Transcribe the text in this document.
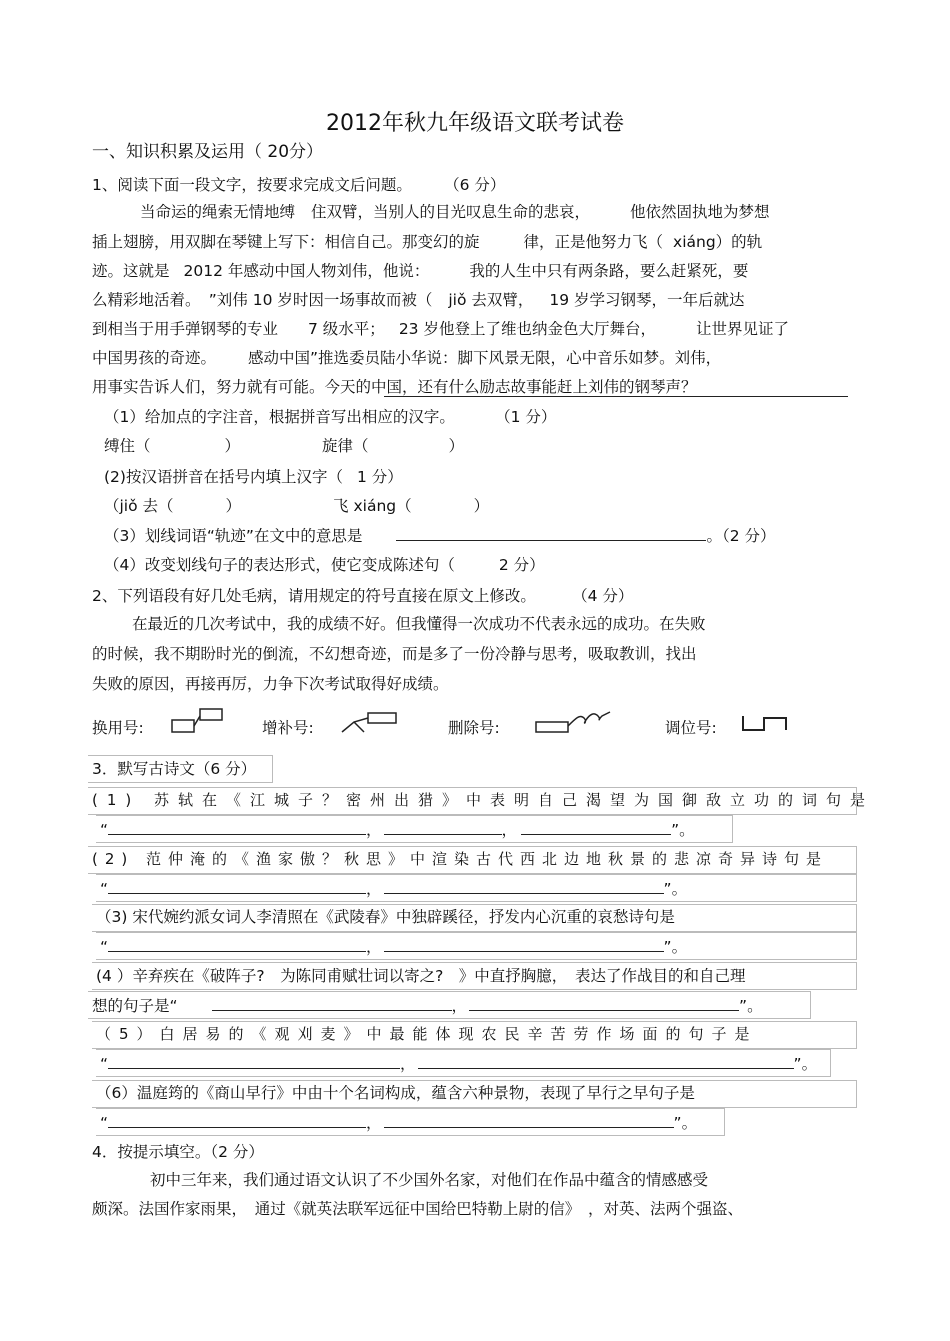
2012年秋九年级语文联考试卷
一、知识积累及运用（ 20分）
1、阅读下面一段文字，按要求完成文后问题。	（6 分）
当命运的绳索无情地缚 住双臂，当别人的目光叹息生命的悲哀，	他依然固执地为梦想
插上翅膀，用双脚在琴键上写下：相信自己。那变幻的旋	律，正是他努力飞（ xiáng）的轨
迹。这就是 2012 年感动中国人物刘伟，他说：	我的人生中只有两条路，要么赶紧死，要
么精彩地活着。 ”刘伟 10 岁时因一场事故而被（ jiǒ 去双臂， 19 岁学习钢琴，一年后就达
到相当于用手弹钢琴的专业 7 级水平； 23 岁他登上了维也纳金色大厅舞台，	让世界见证了
中国男孩的奇迹。 感动中国”推选委员陆小华说：脚下风景无限，心中音乐如梦。刘伟，
用事实告诉人们，努力就有可能。今天的中国，还有什么励志故事能赶上刘伟的钢琴声？
（1）给加点的字注音，根据拼音写出相应的汉字。	（1 分）
缚住（	）	旋律（	）
(2)按汉语拼音在括号内填上汉字（ 1 分）
（jiǒ 去（	）	飞 xiáng（	）
（3）划线词语“轨迹”在文中的意思是	。（2 分）
（4）改变划线句子的表达形式，使它变成陈述句（	2 分）
2、下列语段有好几处毛病，请用规定的符号直接在原文上修改。	（4 分）
在最近的几次考试中，我的成绩不好。但我懂得一次成功不代表永远的成功。在失败
的时候，我不期盼时光的倒流，不幻想奇迹，而是多了一份冷静与思考，吸取教训，找出
失败的原因，再接再厉，力争下次考试取得好成绩。
换用号:	增补号:	删除号:	调位号:
3．默写古诗文（6 分）
(1) 苏轼在《江城子？密州出猎》中表明自己渴望为国御敌立功的词句是
“	，	，	”。
(2) 范仲淹的《渔家傲？秋思》中渲染古代西北边地秋景的悲凉奇异诗句是
“	，	”。
（3) 宋代婉约派女词人李清照在《武陵春》中独辟蹊径，抒发内心沉重的哀愁诗句是
“	，	”。
(4 ）辛弃疾在《破阵子?　为陈同甫赋壮词以寄之?　》中直抒胸臆，　表达了作战目的和自己理
想的句子是“	，	”。
（5）白居易的《观刈麦》中最能体现农民辛苦劳作场面的句子是
“	，	”。
（6）温庭筠的《商山早行》中由十个名词构成，蕴含六种景物，表现了早行之早句子是
“	，	”。
4．按提示填空。（2 分）
初中三年来，我们通过语文认识了不少国外名家，对他们在作品中蕴含的情感感受
颇深。法国作家雨果，　通过《就英法联军远征中国给巴特勒上尉的信》　，对英、法两个强盗、
